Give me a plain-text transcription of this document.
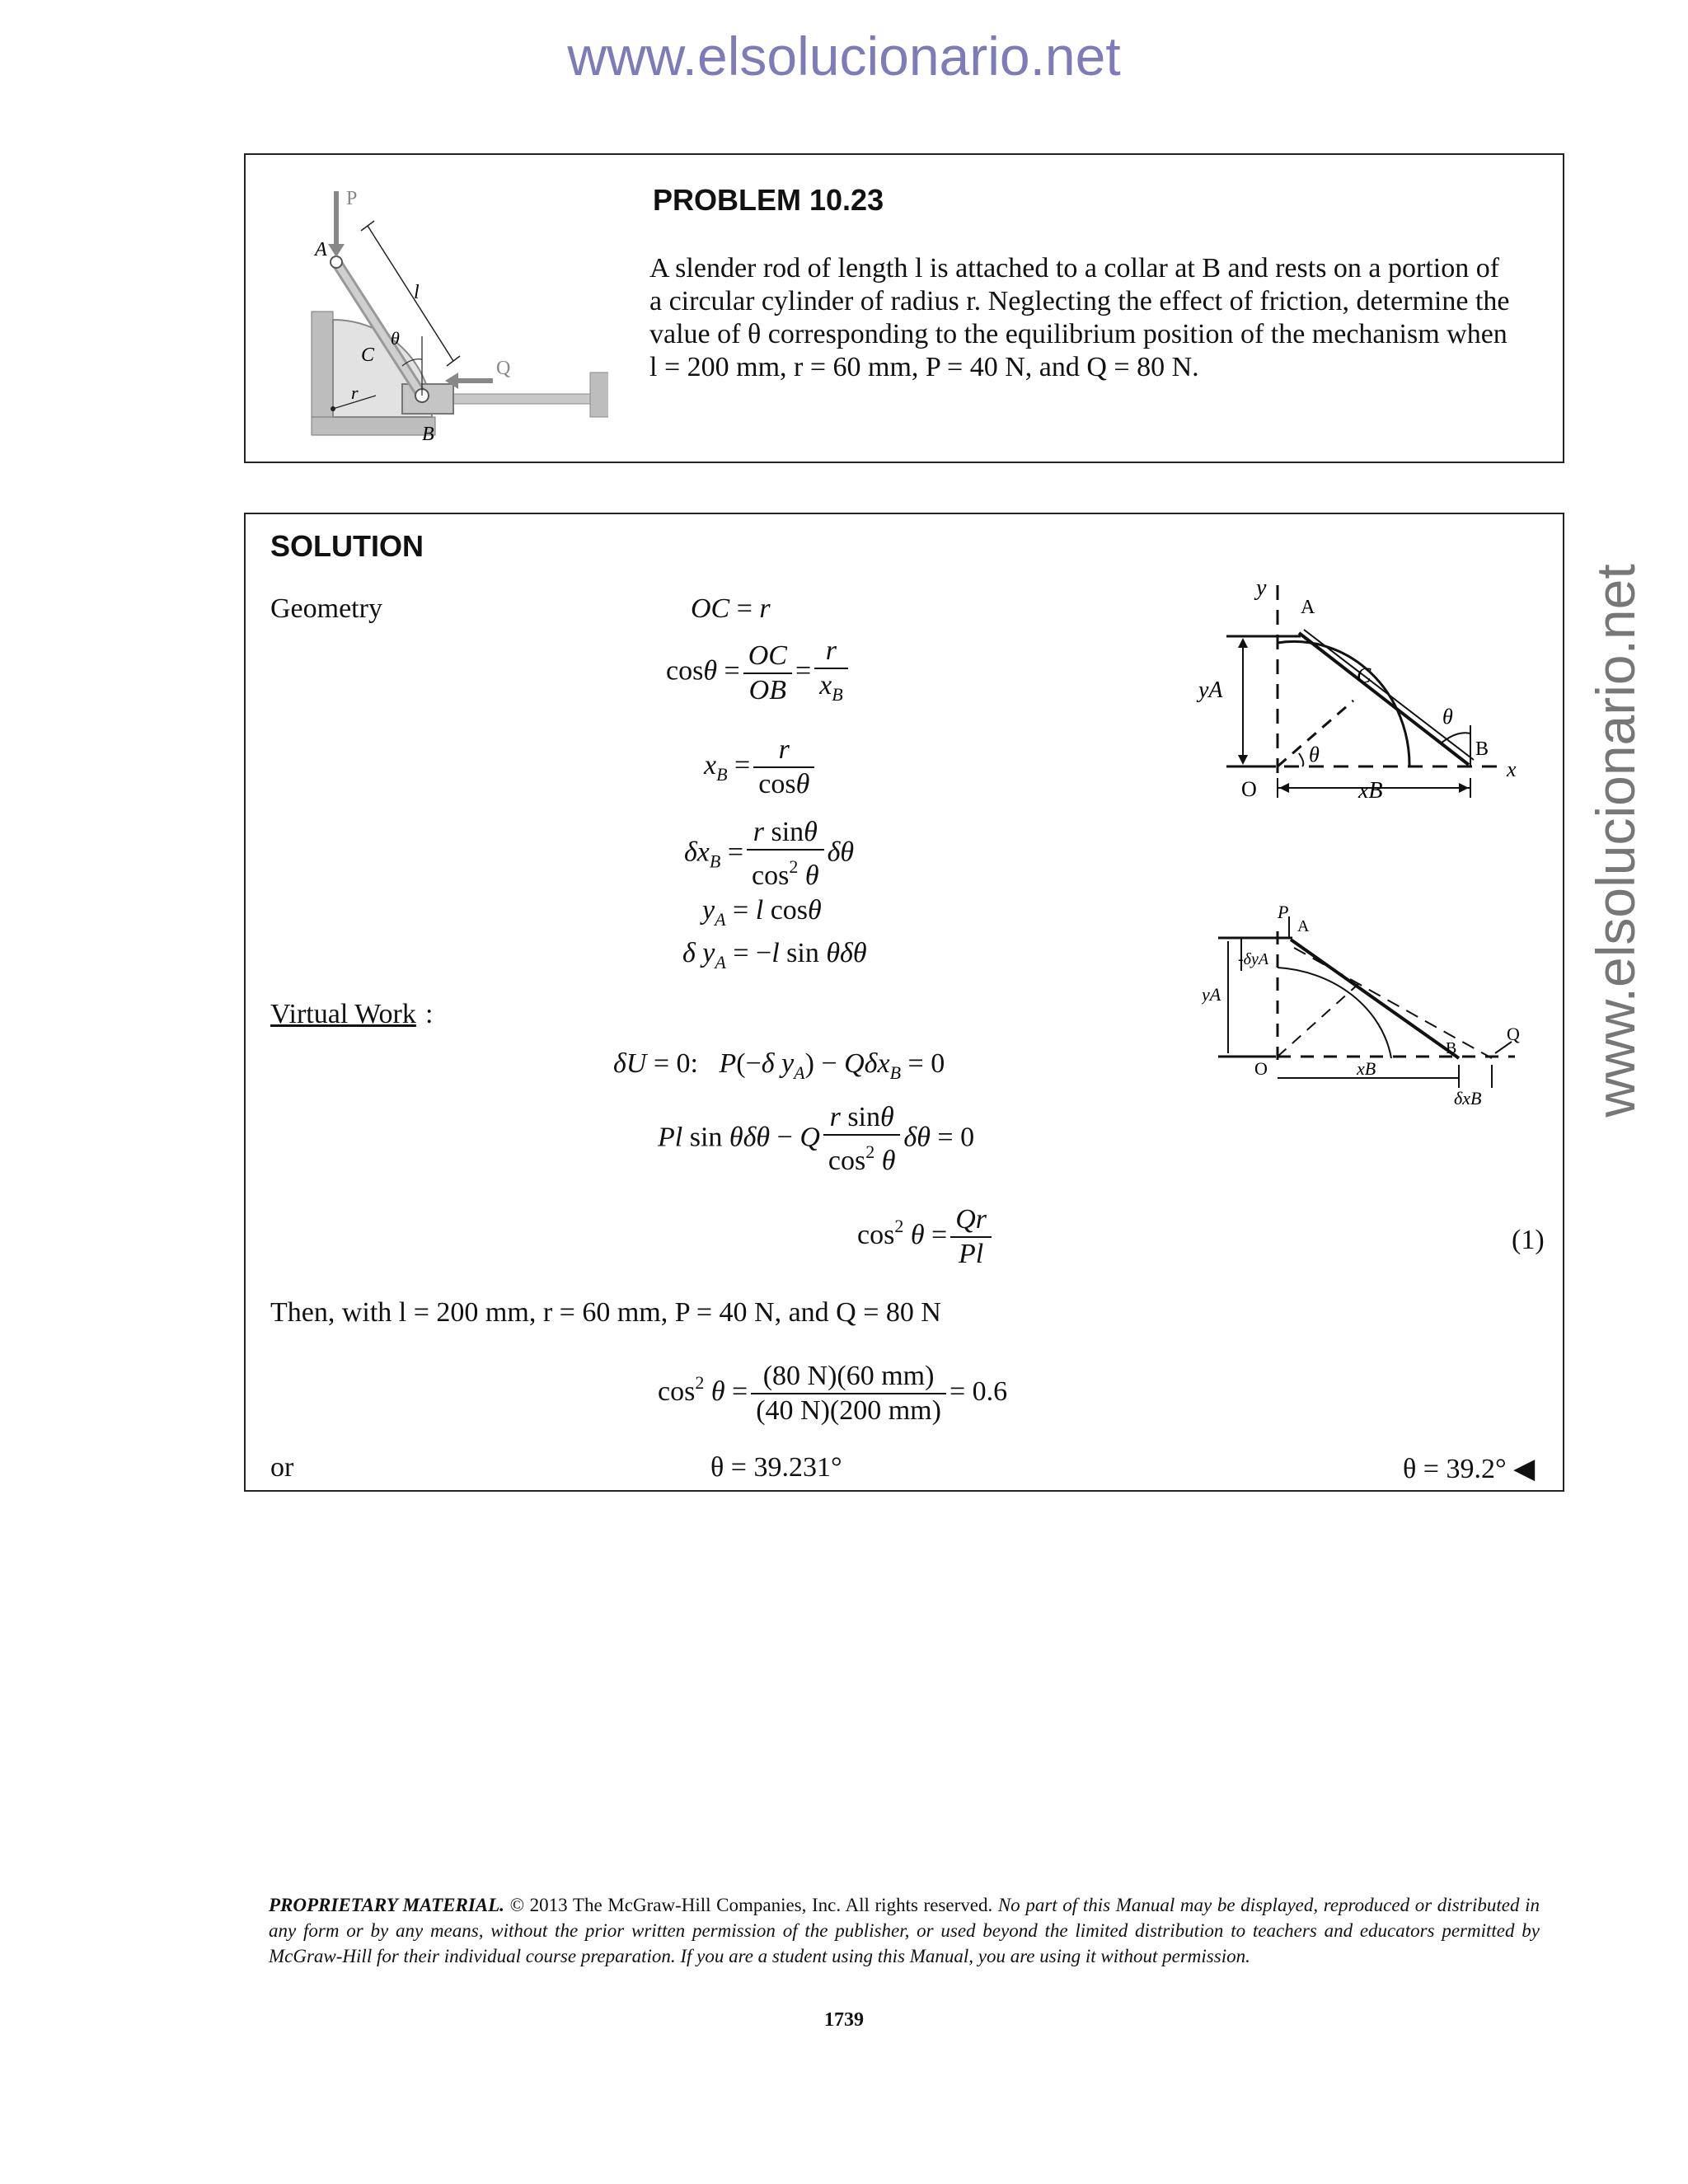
www.elsolucionario.net
www.elsolucionario.net
P
A
l
θ
C
r
Q
B
PROBLEM 10.23
A slender rod of length l is attached to a collar at B and rests on a portion of
a circular cylinder of radius r. Neglecting the effect of friction, determine the
value of θ corresponding to the equilibrium position of the mechanism when
l = 200 mm, r = 60 mm, P = 40 N, and Q = 80 N.
SOLUTION
Geometry	OC = r
$\cos\theta = \frac{OC}{OB} = \frac{r}{x_B}$
$x_B = \frac{r}{\cos\theta}$
$\delta x_B = \frac{\text{r sinθ}}{\cos^2 \theta}$ δθ
$y_A = l$ cosθ
δ $y_A = -l$ sin θδθ
Virtual Work :
δU = 0:   P(−δ $y_A) - Q\delta x_B = 0$
Pl sin θδθ − Q $\frac{\text{r sinθ}}{\cos^2 \theta}$ δθ = 0
$\cos^2 \theta = \frac{Qr}{Pl}$	(1)
Then, with l = 200 mm, r = 60 mm, P = 40 N, and Q = 80 N
$\cos^2 \theta = \frac{(80 N)(60 mm)}{(40 N)(200 mm)} = 0.6$
or	θ = 39.231°	θ = 39.2° ◀
y
A
C
yA
θ
θ
B
x
O	xB
P
A
-δyA
yA
O	xB
B
Q
δxB
PROPRIETARY MATERIAL. © 2013 The McGraw-Hill Companies, Inc. All rights reserved. No part of this Manual may be displayed, reproduced or distributed in any form or by any means, without the prior written permission of the publisher, or used beyond the limited distribution to teachers and educators permitted by McGraw-Hill for their individual course preparation. If you are a student using this Manual, you are using it without permission.
1739
